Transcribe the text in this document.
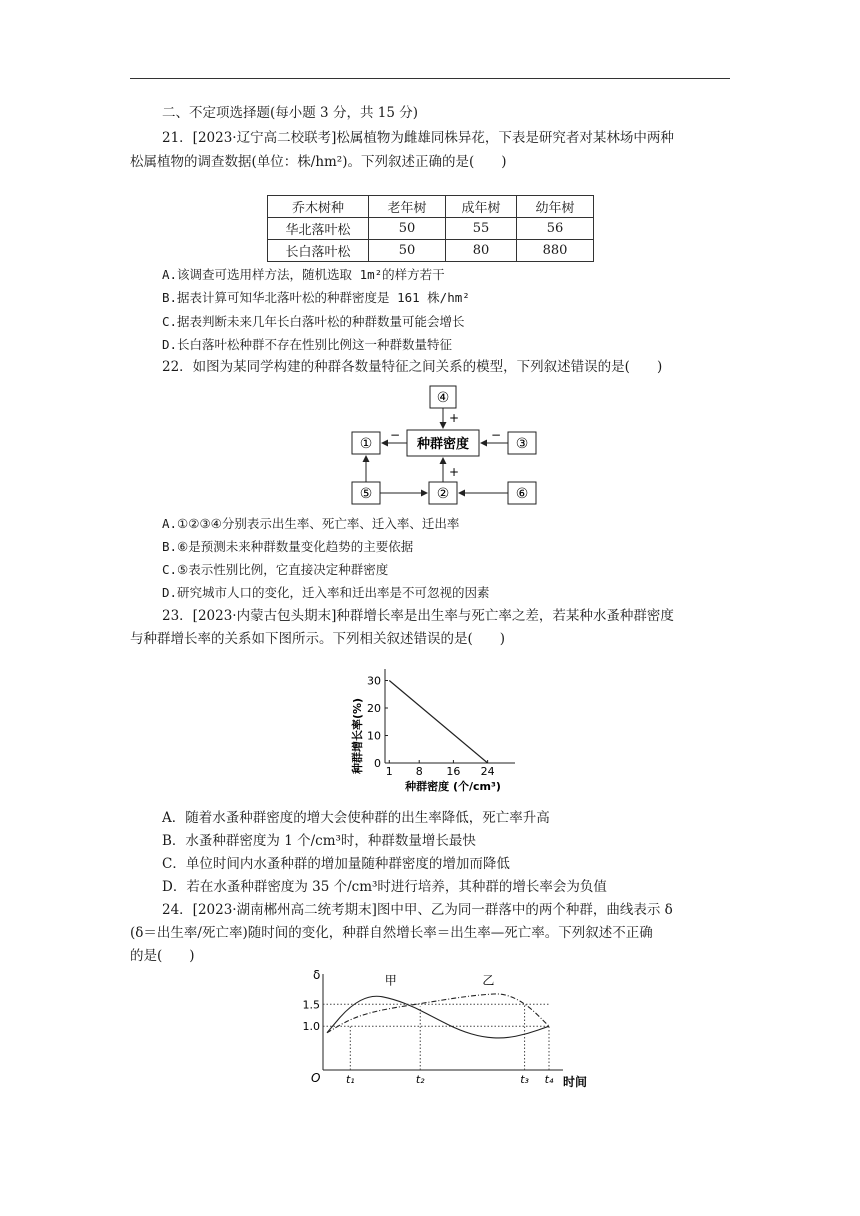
二、不定项选择题(每小题 3 分，共 15 分)
21．[2023·辽宁高二校联考]松属植物为雌雄同株异花，下表是研究者对某林场中两种
松属植物的调查数据(单位：株/hm²)。下列叙述正确的是(　　)
乔木树种	老年树	成年树	幼年树
华北落叶松	50	55	56
长白落叶松	50	80	880
A.该调查可选用样方法，随机选取 1m²的样方若干
B.据表计算可知华北落叶松的种群密度是 161 株/hm²
C.据表判断未来几年长白落叶松的种群数量可能会增长
D.长白落叶松种群不存在性别比例这一种群数量特征
22．如图为某同学构建的种群各数量特征之间关系的模型，下列叙述错误的是(　　)
④
①	种群密度	③
⑤	②	⑥
+
−	−
+
A.①②③④分别表示出生率、死亡率、迁入率、迁出率
B.⑥是预测未来种群数量变化趋势的主要依据
C.⑤表示性别比例，它直接决定种群密度
D.研究城市人口的变化，迁入率和迁出率是不可忽视的因素
23．[2023·内蒙古包头期末]种群增长率是出生率与死亡率之差，若某种水蚤种群密度
与种群增长率的关系如下图所示。下列相关叙述错误的是(　　)
种群增长率(%)
种群密度 (个/cm³)
1 8 16 24
0
10
20
30
A．随着水蚤种群密度的增大会使种群的出生率降低，死亡率升高
B．水蚤种群密度为 1 个/cm³时，种群数量增长最快
C．单位时间内水蚤种群的增加量随种群密度的增加而降低
D．若在水蚤种群密度为 35 个/cm³时进行培养，其种群的增长率会为负值
24．[2023·湖南郴州高二统考期末]图中甲、乙为同一群落中的两个种群，曲线表示 δ
(δ＝出生率/死亡率)随时间的变化，种群自然增长率＝出生率—死亡率。下列叙述不正确
的是(　　)
δ
时间
O
1.5
1.0
t₁	t₂	t₃ t₄
甲	乙
